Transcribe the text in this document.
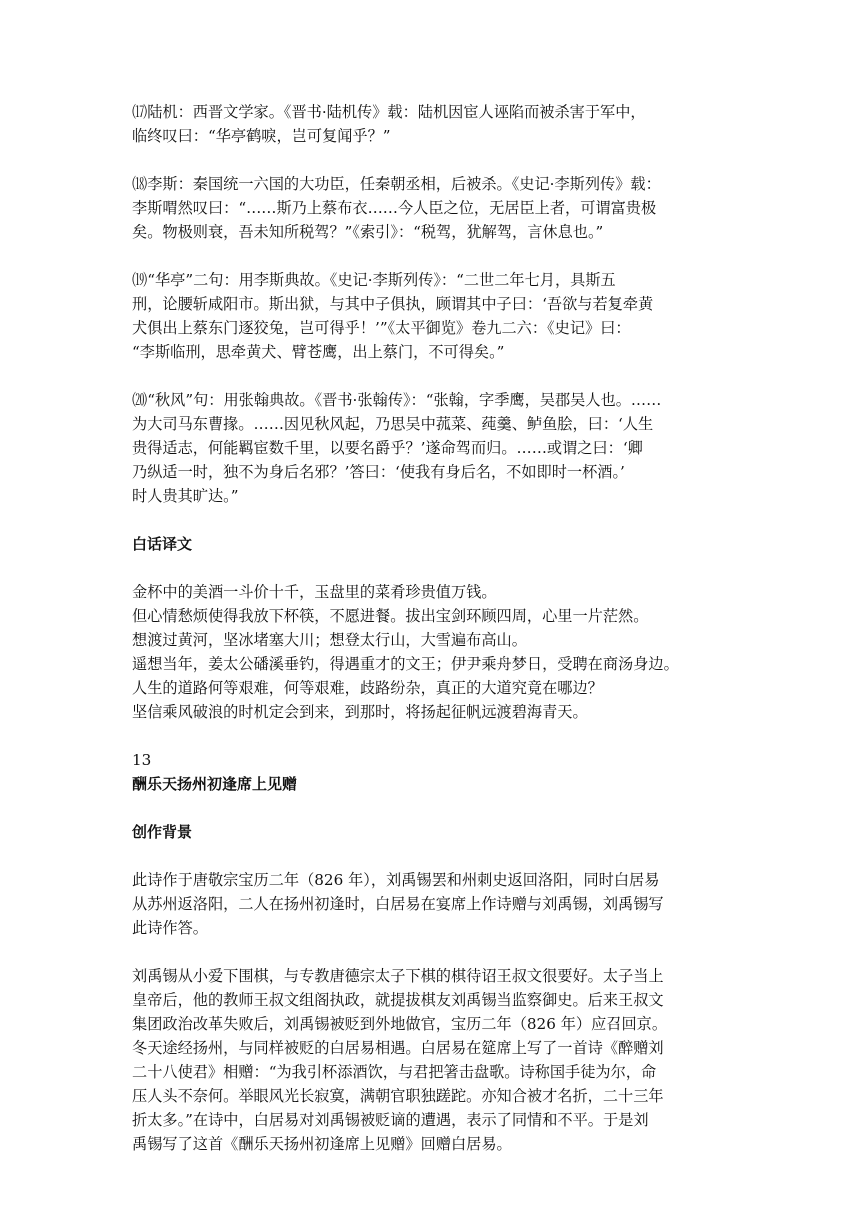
⒄陆机：西晋文学家。《晋书·陆机传》载：陆机因宦人诬陷而被杀害于军中，
临终叹曰：“华亭鹤唳，岂可复闻乎？”

⒅李斯：秦国统一六国的大功臣，任秦朝丞相，后被杀。《史记·李斯列传》载：
李斯喟然叹曰：“……斯乃上蔡布衣……今人臣之位，无居臣上者，可谓富贵极
矣。物极则衰，吾未知所税驾？”《索引》：“税驾，犹解驾，言休息也。”

⒆“华亭”二句：用李斯典故。《史记·李斯列传》：“二世二年七月，具斯五
刑，论腰斩咸阳市。斯出狱，与其中子俱执，顾谓其中子曰：‘吾欲与若复牵黄
犬俱出上蔡东门逐狡兔，岂可得乎！’”《太平御览》卷九二六：《史记》曰：
“李斯临刑，思牵黄犬、臂苍鹰，出上蔡门，不可得矣。”

⒇“秋风”句：用张翰典故。《晋书·张翰传》：“张翰，字季鹰，吴郡吴人也。……
为大司马东曹掾。……因见秋风起，乃思吴中菰菜、莼羹、鲈鱼脍，曰：‘人生
贵得适志，何能羁宦数千里，以要名爵乎？’遂命驾而归。……或谓之曰：‘卿
乃纵适一时，独不为身后名邪？’答曰：‘使我有身后名，不如即时一杯酒。’
时人贵其旷达。”

白话译文

金杯中的美酒一斗价十千，玉盘里的菜肴珍贵值万钱。

但心情愁烦使得我放下杯筷，不愿进餐。拔出宝剑环顾四周，心里一片茫然。

想渡过黄河，坚冰堵塞大川；想登太行山，大雪遍布高山。

遥想当年，姜太公磻溪垂钓，得遇重才的文王；伊尹乘舟梦日，受聘在商汤身边。

人生的道路何等艰难，何等艰难，歧路纷杂，真正的大道究竟在哪边？

坚信乘风破浪的时机定会到来，到那时，将扬起征帆远渡碧海青天。

13

酬乐天扬州初逢席上见赠

创作背景

此诗作于唐敬宗宝历二年（826 年），刘禹锡罢和州刺史返回洛阳，同时白居易
从苏州返洛阳，二人在扬州初逢时，白居易在宴席上作诗赠与刘禹锡，刘禹锡写
此诗作答。

刘禹锡从小爱下围棋，与专教唐德宗太子下棋的棋待诏王叔文很要好。太子当上
皇帝后，他的教师王叔文组阁执政，就提拔棋友刘禹锡当监察御史。后来王叔文
集团政治改革失败后，刘禹锡被贬到外地做官，宝历二年（826 年）应召回京。
冬天途经扬州，与同样被贬的白居易相遇。白居易在筵席上写了一首诗《醉赠刘
二十八使君》相赠：“为我引杯添酒饮，与君把箸击盘歌。诗称国手徒为尔，命
压人头不奈何。举眼风光长寂寞，满朝官职独蹉跎。亦知合被才名折，二十三年
折太多。”在诗中，白居易对刘禹锡被贬谪的遭遇，表示了同情和不平。于是刘
禹锡写了这首《酬乐天扬州初逢席上见赠》回赠白居易。
